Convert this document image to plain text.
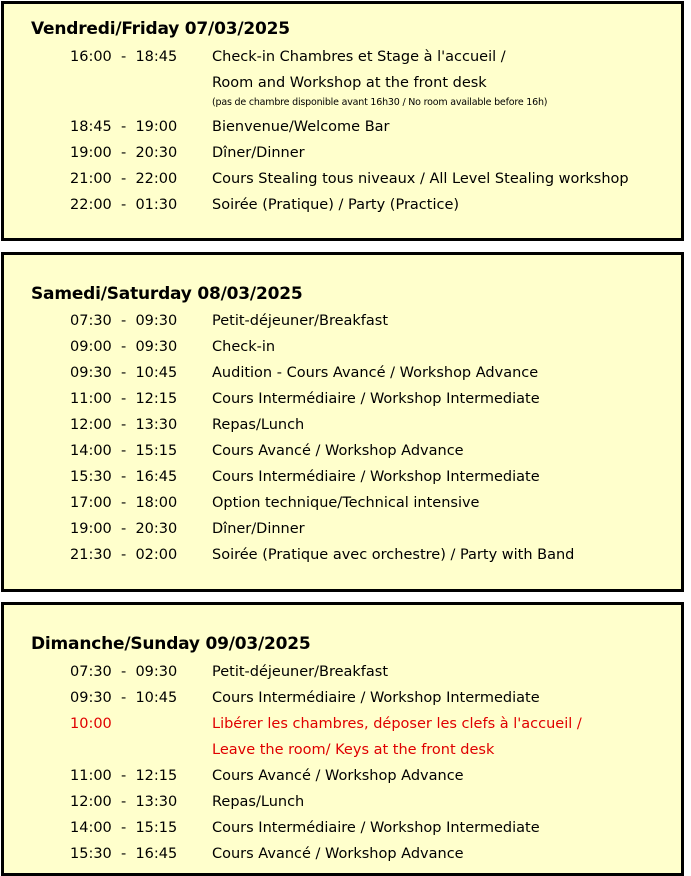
Vendredi/Friday 07/03/2025
16:00  -  18:45 Check-in Chambres et Stage à l'accueil /
Room and Workshop at the front desk
(pas de chambre disponible avant 16h30 / No room available before 16h)
18:45  -  19:00 Bienvenue/Welcome Bar
19:00  -  20:30 Dîner/Dinner
21:00  -  22:00 Cours Stealing tous niveaux / All Level Stealing workshop
22:00  -  01:30 Soirée (Pratique) / Party (Practice)
Samedi/Saturday 08/03/2025
07:30  -  09:30 Petit-déjeuner/Breakfast
09:00  -  09:30 Check-in
09:30  -  10:45 Audition - Cours Avancé / Workshop Advance
11:00  -  12:15 Cours Intermédiaire / Workshop Intermediate
12:00  -  13:30 Repas/Lunch
14:00  -  15:15 Cours Avancé / Workshop Advance
15:30  -  16:45 Cours Intermédiaire / Workshop Intermediate
17:00  -  18:00 Option technique/Technical intensive
19:00  -  20:30 Dîner/Dinner
21:30  -  02:00 Soirée (Pratique avec orchestre) / Party with Band
Dimanche/Sunday 09/03/2025
07:30  -  09:30 Petit-déjeuner/Breakfast
09:30  -  10:45 Cours Intermédiaire / Workshop Intermediate
10:00	Libérer les chambres, déposer les clefs à l'accueil /
Leave the room/ Keys at the front desk
11:00  -  12:15 Cours Avancé / Workshop Advance
12:00  -  13:30 Repas/Lunch
14:00  -  15:15 Cours Intermédiaire / Workshop Intermediate
15:30  -  16:45 Cours Avancé / Workshop Advance
